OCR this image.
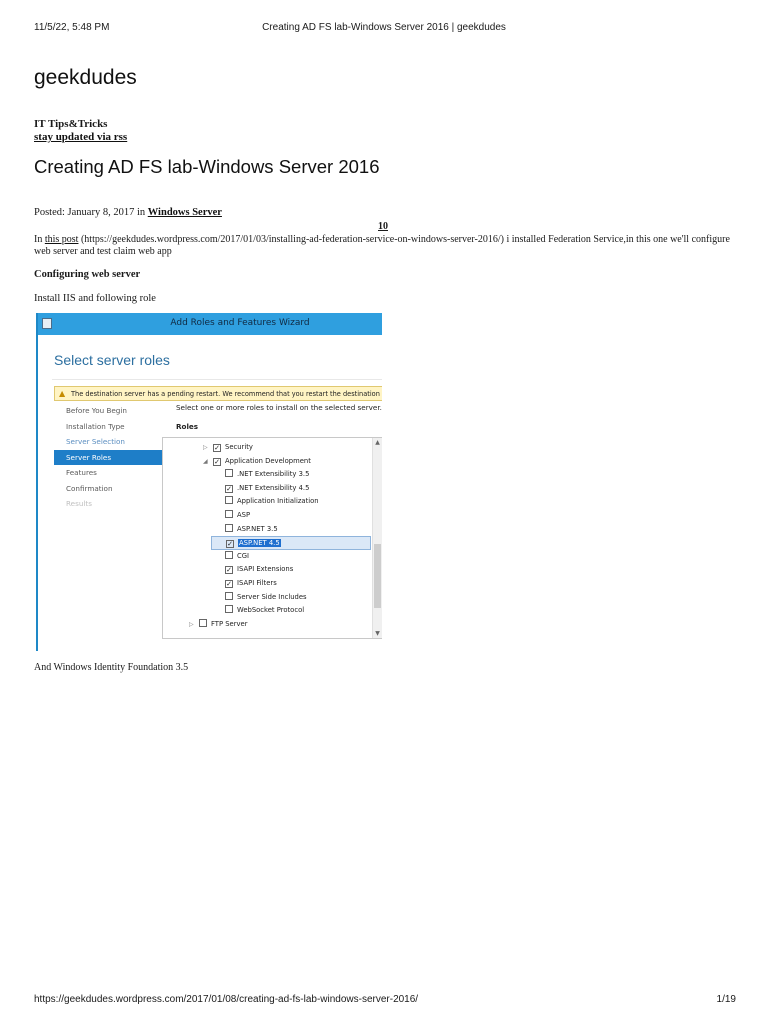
11/5/22, 5:48 PM	Creating AD FS lab-Windows Server 2016 | geekdudes
geekdudes
IT Tips&Tricks
stay updated via rss
Creating AD FS lab-Windows Server 2016
Posted: January 8, 2017 in Windows Server
10
In this post (https://geekdudes.wordpress.com/2017/01/03/installing-ad-federation-service-on-windows-server-2016/) i installed Federation Service,in this one we'll configure web server and test claim web app
Configuring web server
Install IIS and following role
Add Roles and Features Wizard
Select server roles
▲ The destination server has a pending restart. We recommend that you restart the destination
Before You Begin
Installation Type
Server Selection
Server Roles
Features
Confirmation
Results
Select one or more roles to install on the selected server.
Roles
▷ ✓ Security
◢ ✓ Application Development
.NET Extensibility 3.5
✓ .NET Extensibility 4.5
Application Initialization
ASP
ASP.NET 3.5
✓ ASP.NET 4.5
CGI
✓ ISAPI Extensions
✓ ISAPI Filters
Server Side Includes
WebSocket Protocol
▷	FTP Server
▲
▼
And Windows Identity Foundation 3.5
https://geekdudes.wordpress.com/2017/01/08/creating-ad-fs-lab-windows-server-2016/	1/19
